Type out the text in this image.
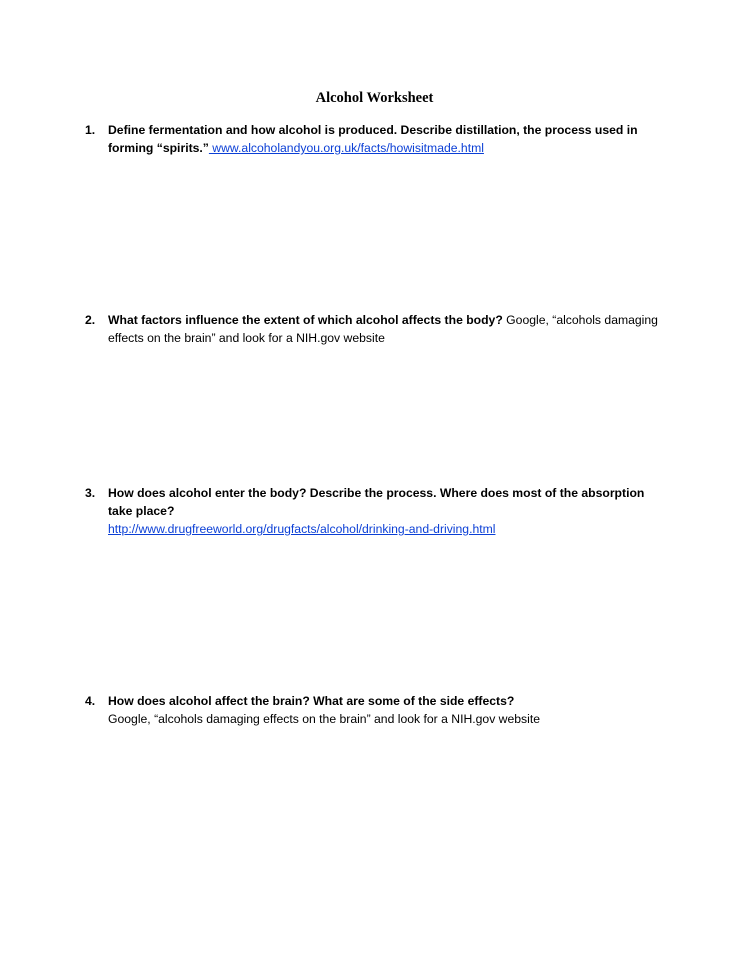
Alcohol Worksheet
1. Define fermentation and how alcohol is produced. Describe distillation, the process used in forming “spirits.” www.alcoholandyou.org.uk/facts/howisitmade.html
2. What factors influence the extent of which alcohol affects the body? Google, “alcohols damaging effects on the brain” and look for a NIH.gov website
3. How does alcohol enter the body? Describe the process. Where does most of the absorption take place?
http://www.drugfreeworld.org/drugfacts/alcohol/drinking-and-driving.html
4. How does alcohol affect the brain? What are some of the side effects?
Google, “alcohols damaging effects on the brain” and look for a NIH.gov website
